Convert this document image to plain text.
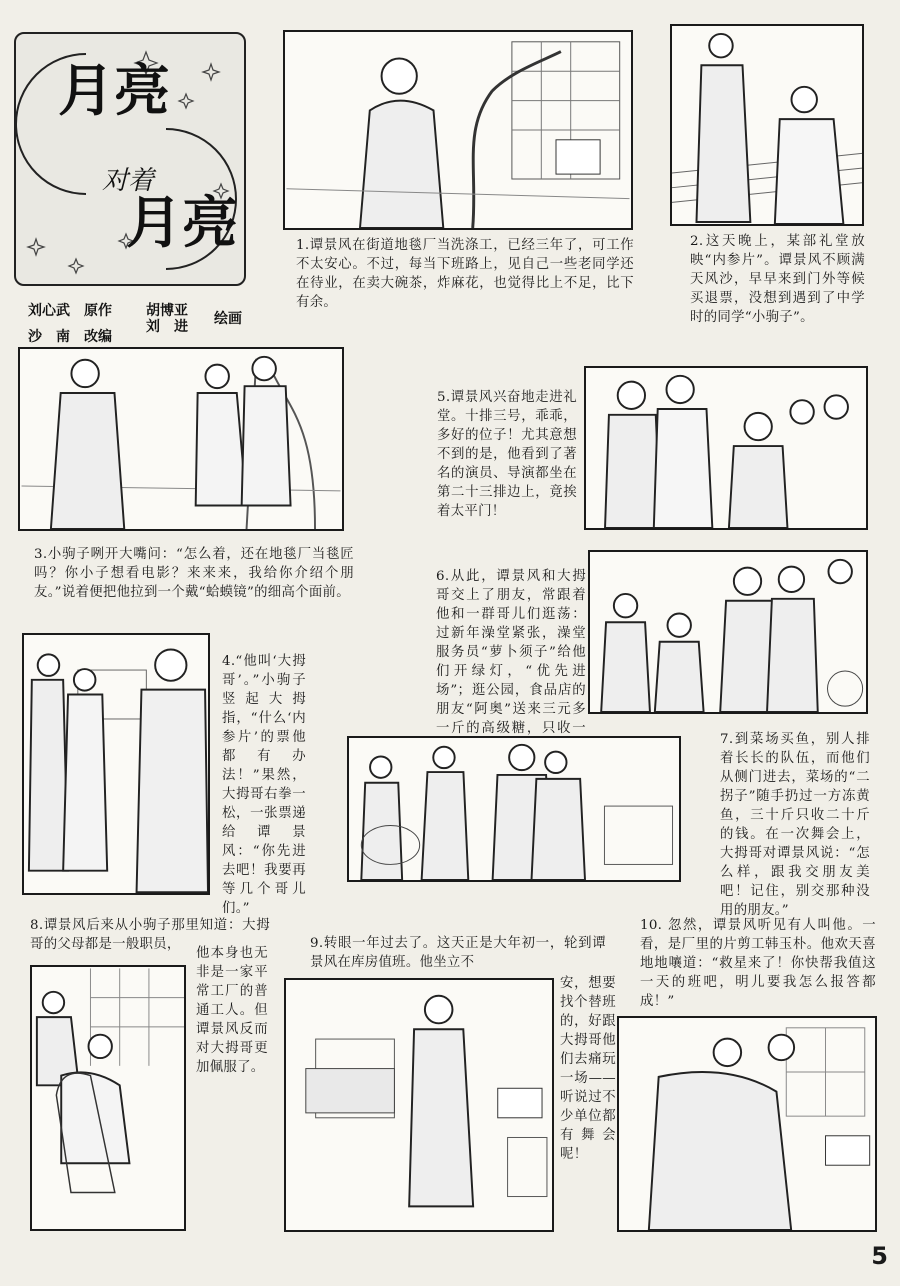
月亮
对着
月亮
刘心武　原作
沙　南　改编
胡博亚
刘　进 绘画
1.谭景风在街道地毯厂当洗涤工，已经三年了，可工作不太安心。不过，每当下班路上，见自己一些老同学还在待业，在卖大碗茶，炸麻花，也觉得比上不足，比下有余。
2.这天晚上，某部礼堂放映“内参片”。谭景风不顾满天风沙，早早来到门外等候买退票，没想到遇到了中学时的同学“小驹子”。
3.小驹子咧开大嘴问：“怎么着，还在地毯厂当毯匠吗？你小子想看电影？来来来，我给你介绍个朋友。”说着便把他拉到一个戴“蛤蟆镜”的细高个面前。
5.谭景风兴奋地走进礼堂。十排三号，乖乖，多好的位子！尤其意想不到的是，他看到了著名的演员、导演都坐在第二十三排边上，竟挨着太平门！
6.从此，谭景风和大拇哥交上了朋友，常跟着他和一群哥儿们逛荡：过新年澡堂紧张，澡堂服务员“萝卜须子”给他们开绿灯，“优先进场”；逛公园，食品店的朋友“阿奥”送来三元多一斤的高级糖，只收一
4.“他叫‘大拇哥’。”小驹子竖起大拇指，“什么‘内参片’的票他都有办法！”果然，大拇哥右拳一松，一张票递给谭景风：“你先进去吧！我要再等几个哥儿们。”
7.到菜场买鱼，别人排着长长的队伍，而他们从侧门进去，菜场的“二拐子”随手扔过一方冻黄鱼，三十斤只收二十斤的钱。在一次舞会上，大拇哥对谭景风说：“怎么样，跟我交朋友美吧！记住，别交那种没用的朋友。”
8.谭景风后来从小驹子那里知道：大拇哥的父母都是一般职员，
他本身也无非是一家平常工厂的普通工人。但谭景风反而对大拇哥更加佩服了。
9.转眼一年过去了。这天正是大年初一，轮到谭景风在库房值班。他坐立不
安，想要找个替班的，好跟大拇哥他们去痛玩一场——听说过不少单位都有舞会呢！
10. 忽然，谭景风听见有人叫他。一看，是厂里的片剪工韩玉朴。他欢天喜地地嚷道：“救星来了！你快帮我值这一天的班吧，明儿要我怎么报答都成！”
5
